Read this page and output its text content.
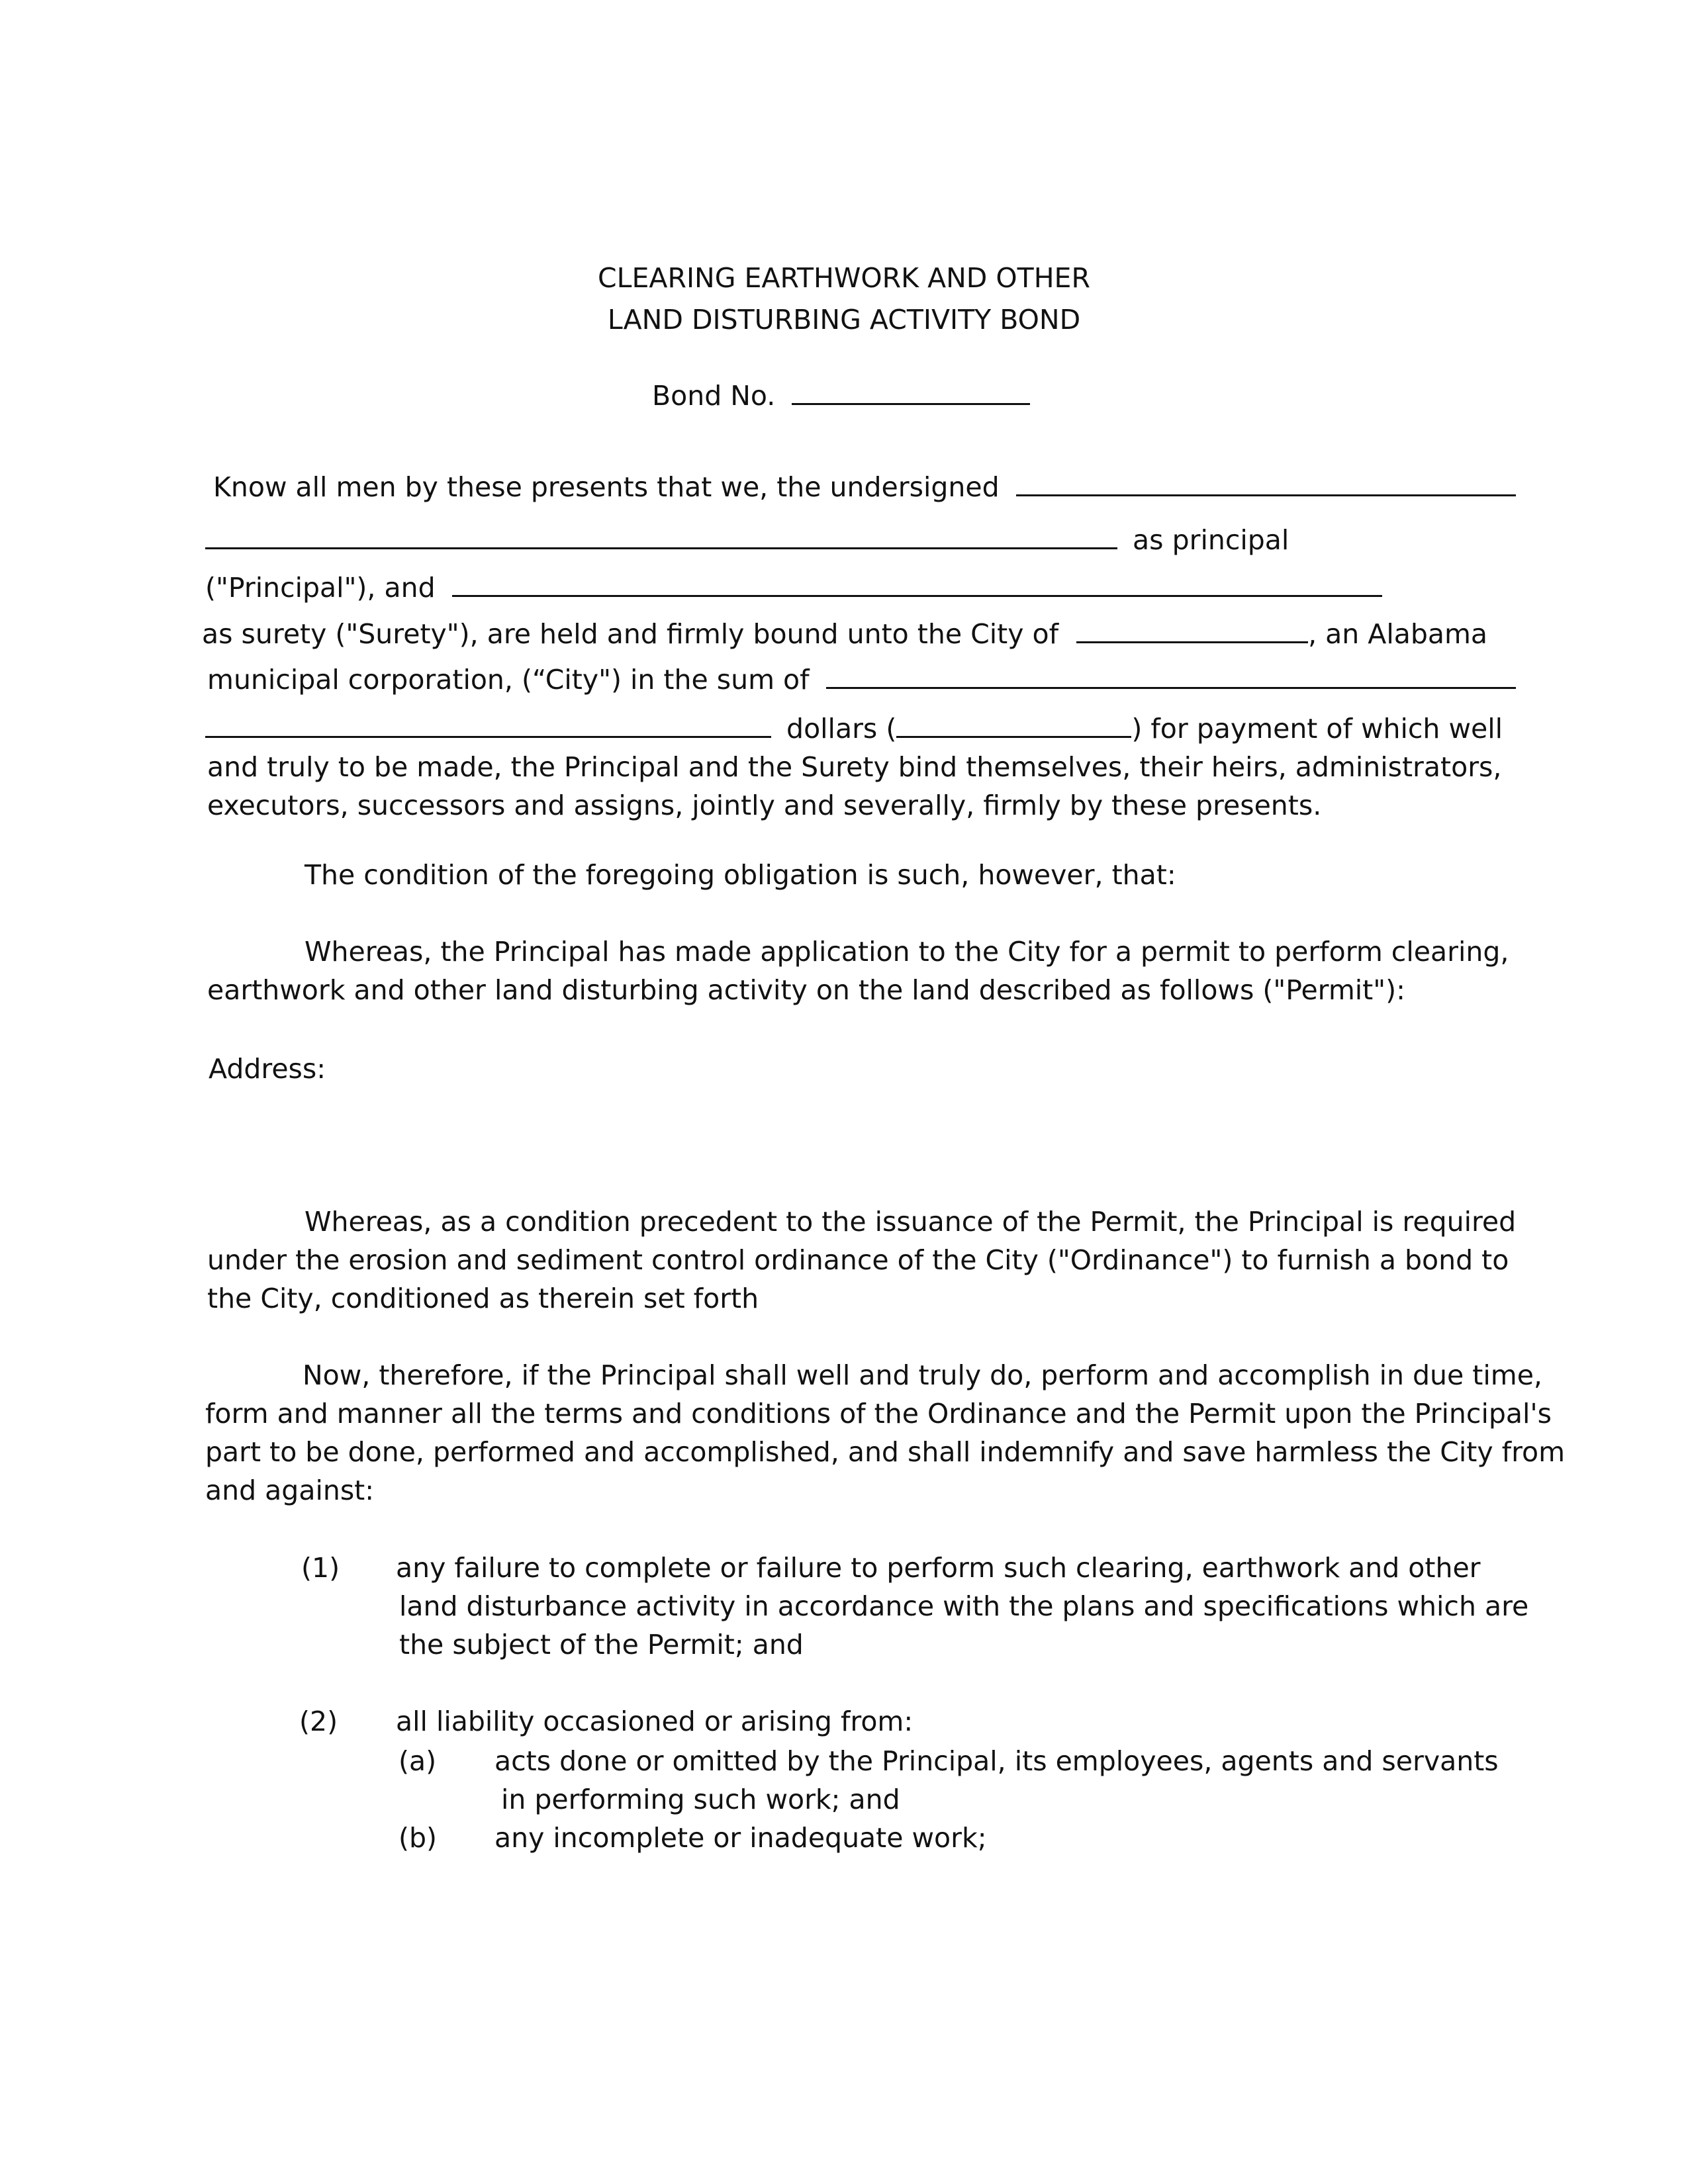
CLEARING EARTHWORK AND OTHER
LAND DISTURBING ACTIVITY BOND
Bond No.
Know all men by these presents that we, the undersigned
as principal
("Principal"), and
as surety ("Surety"), are held and firmly bound unto the City of	, an Alabama
municipal corporation, (“City") in the sum of
dollars (	) for payment of which well
and truly to be made, the Principal and the Surety bind themselves, their heirs, administrators,
executors, successors and assigns, jointly and severally, firmly by these presents.
The condition of the foregoing obligation is such, however, that:
Whereas, the Principal has made application to the City for a permit to perform clearing,
earthwork and other land disturbing activity on the land described as follows ("Permit"):
Address:
Whereas, as a condition precedent to the issuance of the Permit, the Principal is required
under the erosion and sediment control ordinance of the City ("Ordinance") to furnish a bond to
the City, conditioned as therein set forth
Now, therefore, if the Principal shall well and truly do, perform and accomplish in due time,
form and manner all the terms and conditions of the Ordinance and the Permit upon the Principal's
part to be done, performed and accomplished, and shall indemnify and save harmless the City from
and against:
(1) any failure to complete or failure to perform such clearing, earthwork and other
land disturbance activity in accordance with the plans and specifications which are
the subject of the Permit; and
(2) all liability occasioned or arising from:
(a) acts done or omitted by the Principal, its employees, agents and servants
in performing such work; and
(b) any incomplete or inadequate work;
